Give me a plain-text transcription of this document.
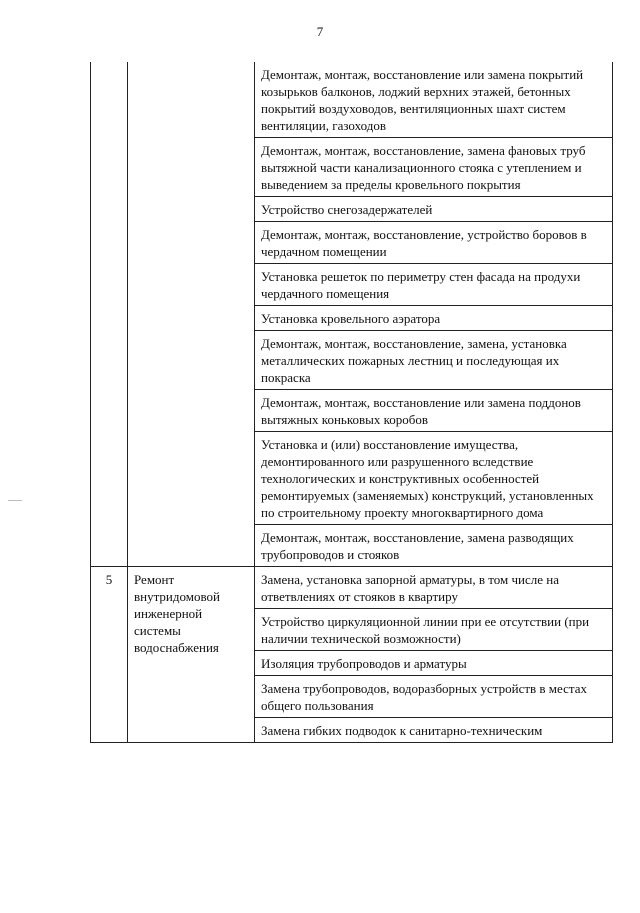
7
		Демонтаж, монтаж, восстановление или замена покрытий козырьков балконов, лоджий верхних этажей, бетонных покрытий воздуховодов, вентиляционных шахт систем вентиляции, газоходов
		Демонтаж, монтаж, восстановление, замена фановых труб вытяжной части канализационного стояка с утеплением и выведением за пределы кровельного покрытия
		Устройство снегозадержателей
		Демонтаж, монтаж, восстановление, устройство боровов в чердачном помещении
		Установка решеток по периметру стен фасада на продухи чердачного помещения
		Установка кровельного аэратора
		Демонтаж, монтаж, восстановление, замена, установка металлических пожарных лестниц и последующая их покраска
		Демонтаж, монтаж, восстановление или замена поддонов вытяжных коньковых коробов
		Установка и (или) восстановление имущества, демонтированного или разрушенного вследствие технологических и конструктивных особенностей ремонтируемых (заменяемых) конструкций, установленных по строительному проекту многоквартирного дома
		Демонтаж, монтаж, восстановление, замена разводящих трубопроводов и стояков
5	Ремонт внутридомовой инженерной системы водоснабжения	Замена, установка запорной арматуры, в том числе на ответвлениях от стояков в квартиру
		Устройство циркуляционной линии при ее отсутствии (при наличии технической возможности)
		Изоляция трубопроводов и арматуры
		Замена трубопроводов, водоразборных устройств в местах общего пользования
		Замена гибких подводок к санитарно-техническим
